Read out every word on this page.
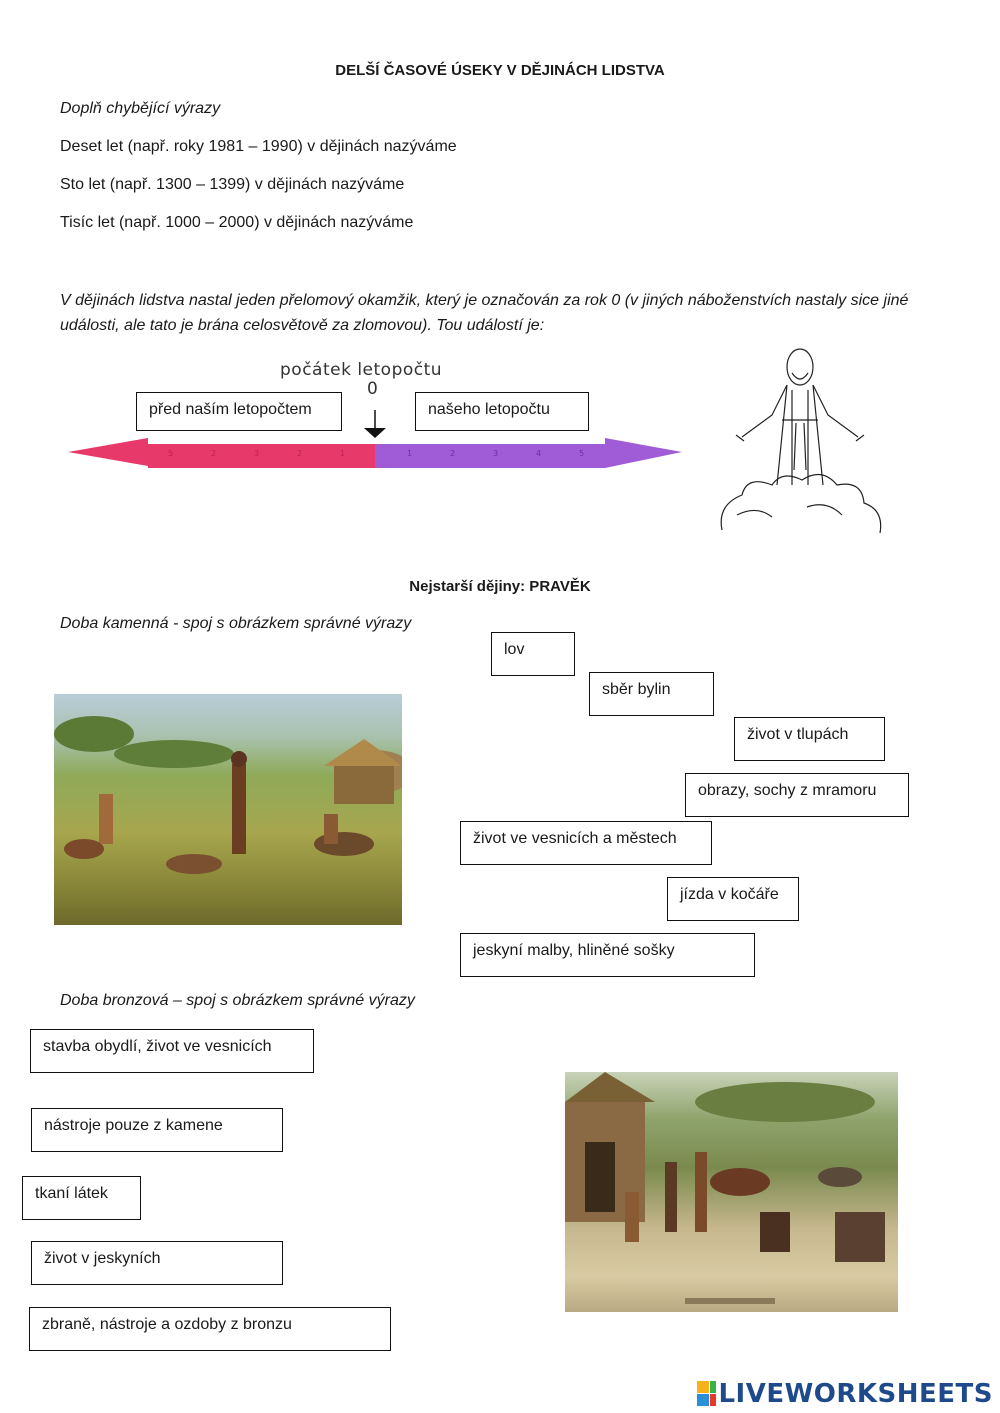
DELŠÍ ČASOVÉ ÚSEKY V DĚJINÁCH LIDSTVA
Doplň chybějící výrazy
Deset let (např. roky 1981 – 1990) v dějinách nazýváme
Sto let (např. 1300 – 1399) v dějinách nazýváme
Tisíc let (např. 1000 – 2000) v dějinách nazýváme
V dějinách lidstva nastal jeden přelomový okamžik, který je označován za rok 0 (v jiných náboženstvích nastaly sice jiné události, ale tato je brána celosvětově za zlomovou). Tou událostí je:
počátek letopočtu
0
před naším letopočtem	našeho letopočtu
5	2	3	2	1	1	2	3	4	5
Nejstarší dějiny: PRAVĚK
Doba kamenná - spoj s obrázkem správné výrazy
lov
sběr bylin
život v tlupách
obrazy, sochy z mramoru
život ve vesnicích a městech
jízda v kočáře
jeskyní malby, hliněné sošky
Doba bronzová – spoj s obrázkem správné výrazy
stavba obydlí, život ve vesnicích
nástroje pouze z kamene
tkaní látek
život v jeskyních
zbraně, nástroje a ozdoby z bronzu
LIVEWORKSHEETS
